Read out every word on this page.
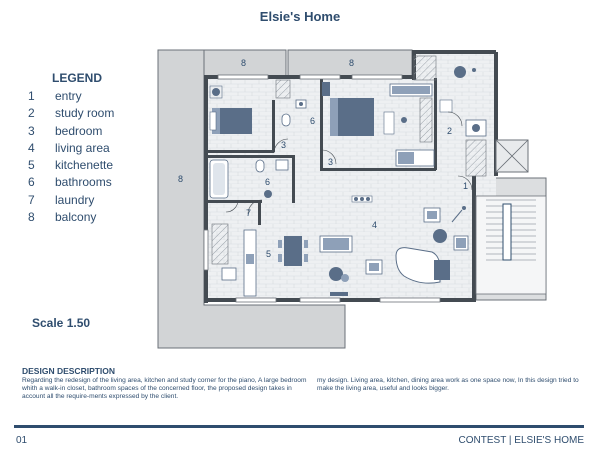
Elsie's Home
LEGEND
1 entry
2 study room
3 bedroom
4 living area
5 kitchenette
6 bathrooms
7 laundry
8 balcony
Scale 1.50
8	8
8
6
6
3
3
2
1
4
5
7
DESIGN DESCRIPTION
Regarding the redesign of the living area, kitchen and study corner for the piano, A large bedroom whith a walk-in closet, bathroom spaces of the concerned floor, the proposed design takes in account all the require-ments expressed by the client.
my design. Living area, kitchen, dining area work as one space now, In this design tried to make the living area, useful and looks bigger.
01	CONTEST | ELSIE'S HOME
